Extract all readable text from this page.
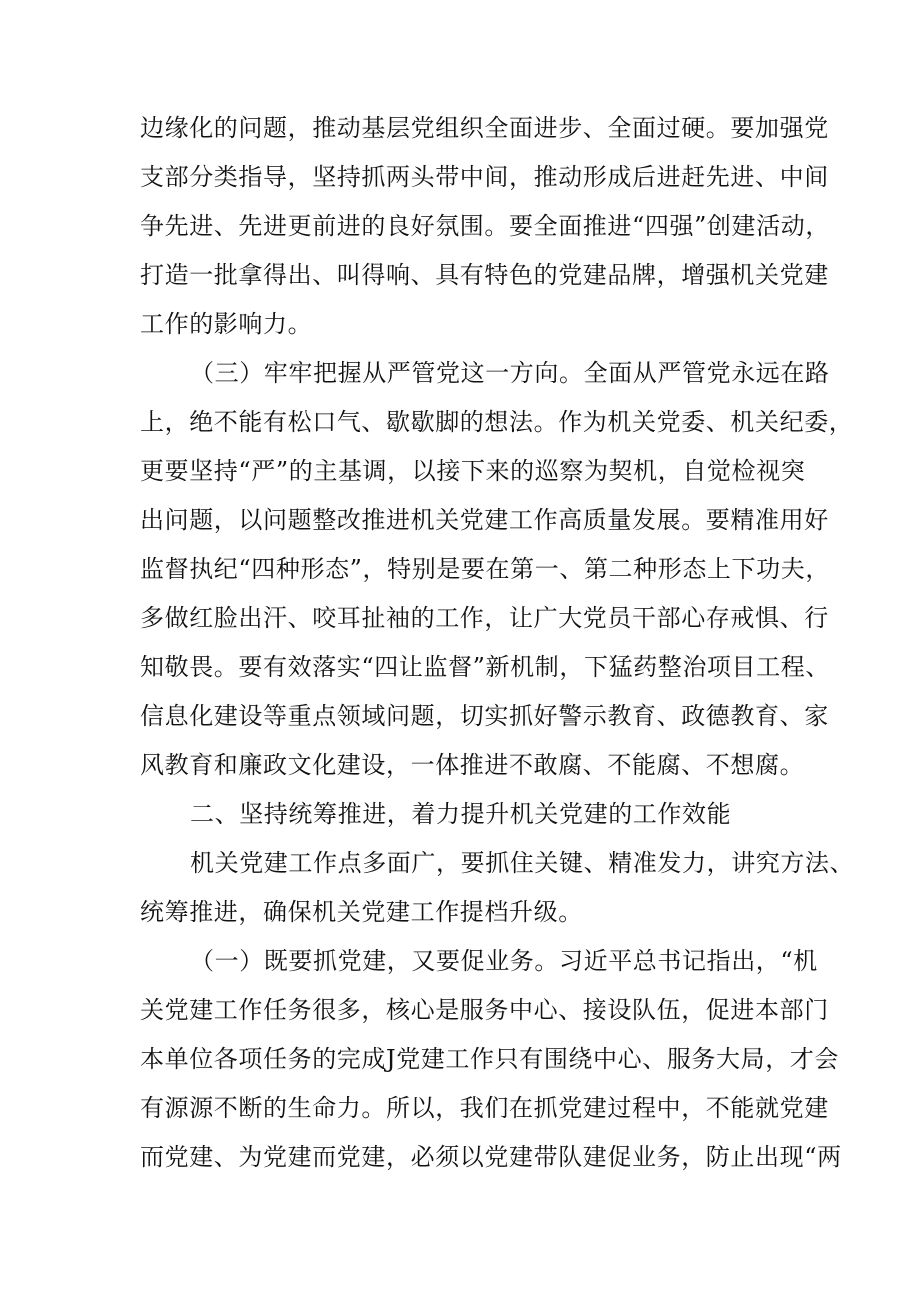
边缘化的问题，推动基层党组织全面进步、全面过硬。要加强党
支部分类指导，坚持抓两头带中间，推动形成后进赶先进、中间
争先进、先进更前进的良好氛围。要全面推进“四强”创建活动，
打造一批拿得出、叫得响、具有特色的党建品牌，增强机关党建
工作的影响力。
（三）牢牢把握从严管党这一方向。全面从严管党永远在路
上，绝不能有松口气、歇歇脚的想法。作为机关党委、机关纪委，
更要坚持“严”的主基调，以接下来的巡察为契机，自觉检视突
出问题，以问题整改推进机关党建工作高质量发展。要精准用好
监督执纪“四种形态”，特别是要在第一、第二种形态上下功夫，
多做红脸出汗、咬耳扯袖的工作，让广大党员干部心存戒惧、行
知敬畏。要有效落实“四让监督”新机制，下猛药整治项目工程、
信息化建设等重点领域问题，切实抓好警示教育、政德教育、家
风教育和廉政文化建设，一体推进不敢腐、不能腐、不想腐。
二、坚持统筹推进，着力提升机关党建的工作效能
机关党建工作点多面广，要抓住关键、精准发力，讲究方法、
统筹推进，确保机关党建工作提档升级。
（一）既要抓党建，又要促业务。习近平总书记指出，“机
关党建工作任务很多，核心是服务中心、接设队伍，促进本部门
本单位各项任务的完成J党建工作只有围绕中心、服务大局，才会
有源源不断的生命力。所以，我们在抓党建过程中，不能就党建
而党建、为党建而党建，必须以党建带队建促业务，防止出现“两
